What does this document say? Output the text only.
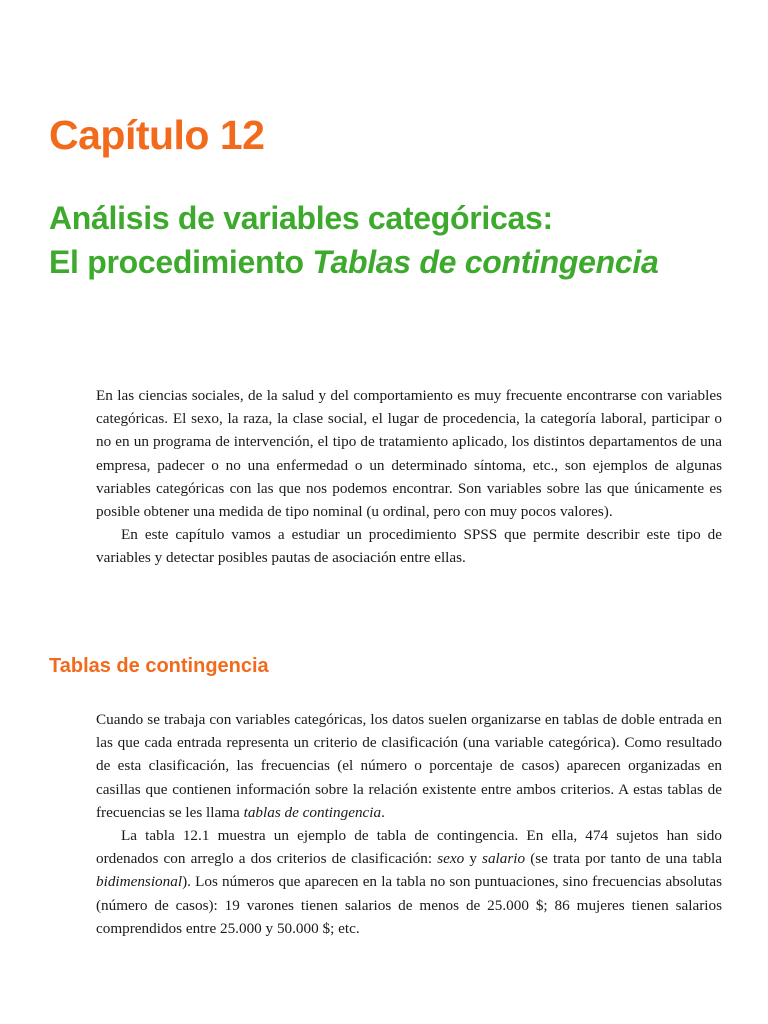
Capítulo 12
Análisis de variables categóricas:
El procedimiento Tablas de contingencia

En las ciencias sociales, de la salud y del comportamiento es muy frecuente encontrarse con variables categóricas. El sexo, la raza, la clase social, el lugar de procedencia, la categoría laboral, participar o no en un programa de intervención, el tipo de tratamiento aplicado, los distintos departamentos de una empresa, padecer o no una enfermedad o un determinado síntoma, etc., son ejemplos de algunas variables categóricas con las que nos podemos encontrar. Son variables sobre las que únicamente es posible obtener una medida de tipo nominal (u ordinal, pero con muy pocos valores).

En este capítulo vamos a estudiar un procedimiento SPSS que permite describir este tipo de variables y detectar posibles pautas de asociación entre ellas.

Tablas de contingencia

Cuando se trabaja con variables categóricas, los datos suelen organizarse en tablas de doble entrada en las que cada entrada representa un criterio de clasificación (una variable categórica). Como resultado de esta clasificación, las frecuencias (el número o porcentaje de casos) aparecen organizadas en casillas que contienen información sobre la relación existente entre ambos criterios. A estas tablas de frecuencias se les llama tablas de contingencia.

La tabla 12.1 muestra un ejemplo de tabla de contingencia. En ella, 474 sujetos han sido ordenados con arreglo a dos criterios de clasificación: sexo y salario (se trata por tanto de una tabla bidimensional). Los números que aparecen en la tabla no son puntuaciones, sino frecuencias absolutas (número de casos): 19 varones tienen salarios de menos de 25.000 $; 86 mujeres tienen salarios comprendidos entre 25.000 y 50.000 $; etc.
